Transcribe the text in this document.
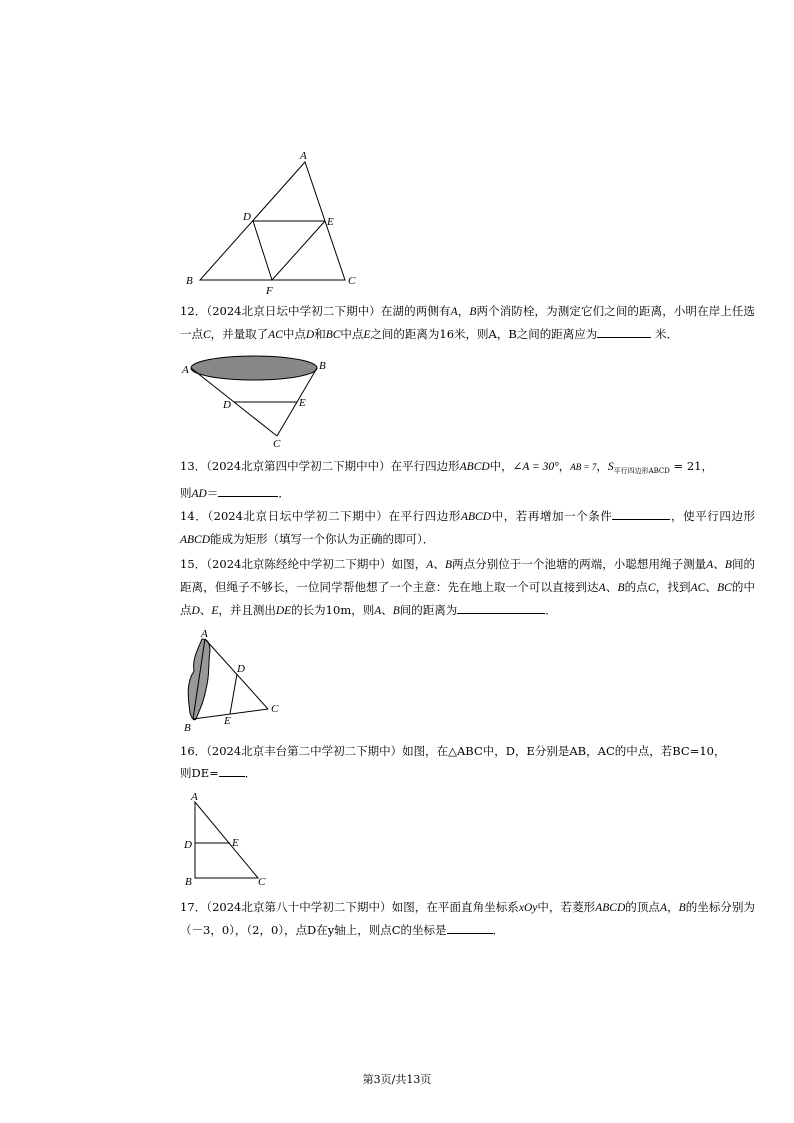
A
B	C
D	E
F

12．（2024北京日坛中学初二下期中）在湖的两侧有A，B两个消防栓，为测定它们之间的距离，小明在岸上任选一点C，并量取了AC中点D和BC中点E之间的距离为16米，则A，B之间的距离应为	米．

A	B
C
D	E

13．（2024北京第四中学初二下期中中）在平行四边形ABCD中，∠A = 30°，AB = 7，$S_{平行四边形ABCD} = 21$，
则AD＝	．

14．（2024北京日坛中学初二下期中）在平行四边形ABCD中，若再增加一个条件	，使平行四边形ABCD能成为矩形（填写一个你认为正确的即可）．

15．（2024北京陈经纶中学初二下期中）如图，A、B两点分别位于一个池塘的两端，小聪想用绳子测量A、B间的距离，但绳子不够长，一位同学帮他想了一个主意：先在地上取一个可以直接到达A、B的点C，找到AC、BC的中点D、E，并且测出DE的长为10m，则A、B间的距离为	．

A
B
C
D
E

16．（2024北京丰台第二中学初二下期中）如图，在△ABC中，D，E分别是AB，AC的中点，若BC=10，
则DE= ．

A
B	C
D	E

17．（2024北京第八十中学初二下期中）如图，在平面直角坐标系xOy中，若菱形ABCD的顶点A，B的坐标分别为（－3，0），（2，0），点D在y轴上，则点C的坐标是	．

第3页/共13页
